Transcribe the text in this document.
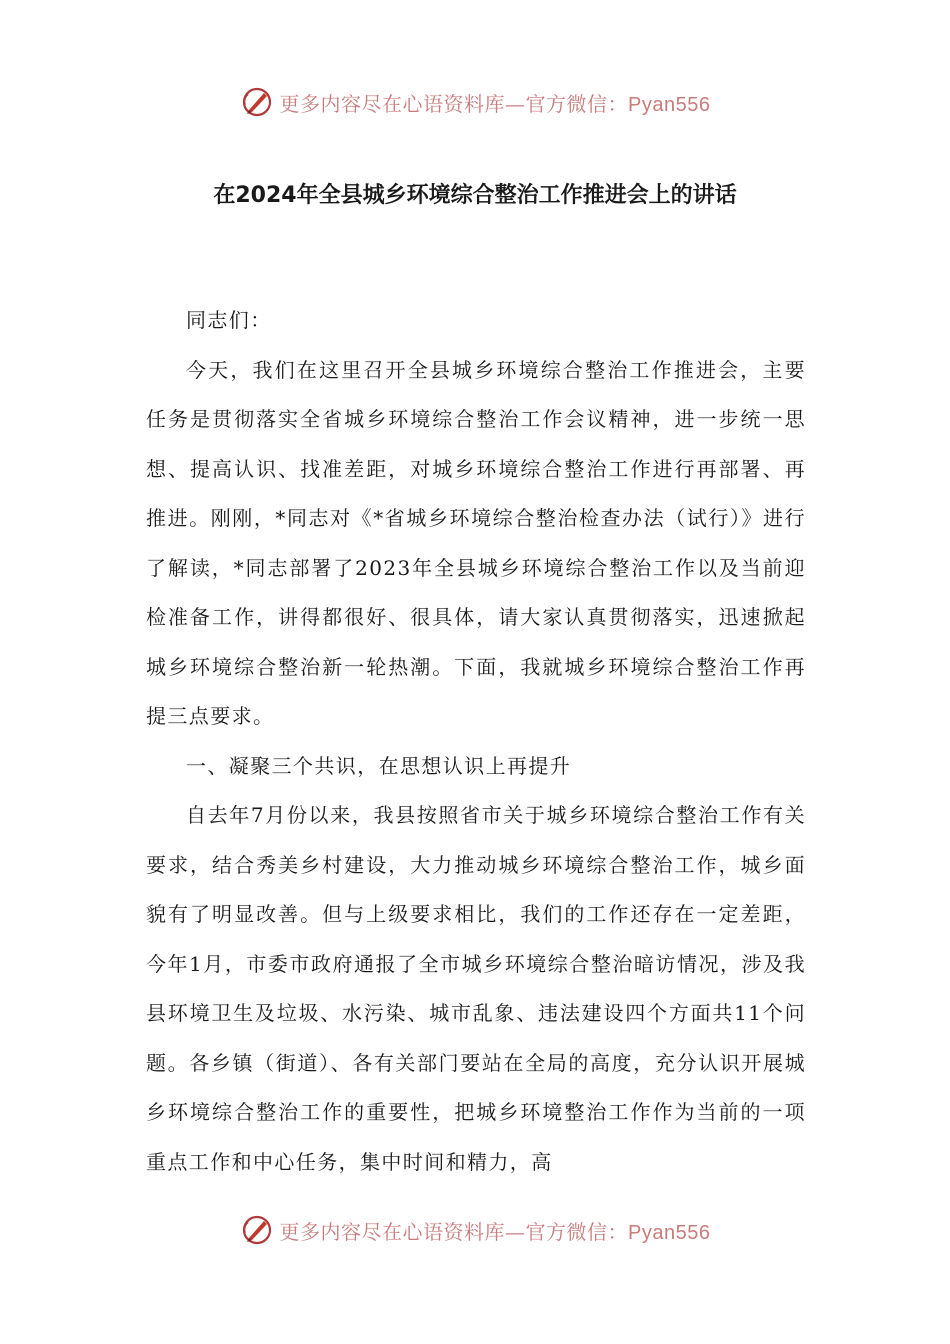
更多内容尽在心语资料库—官方微信：Pyan556
在2024年全县城乡环境综合整治工作推进会上的讲话

同志们：

今天，我们在这里召开全县城乡环境综合整治工作推进会，主要任务是贯彻落实全省城乡环境综合整治工作会议精神，进一步统一思想、提高认识、找准差距，对城乡环境综合整治工作进行再部署、再推进。刚刚，*同志对《*省城乡环境综合整治检查办法（试行）》进行了解读，*同志部署了2023年全县城乡环境综合整治工作以及当前迎检准备工作，讲得都很好、很具体，请大家认真贯彻落实，迅速掀起城乡环境综合整治新一轮热潮。下面，我就城乡环境综合整治工作再提三点要求。

一、凝聚三个共识，在思想认识上再提升

自去年7月份以来，我县按照省市关于城乡环境综合整治工作有关要求，结合秀美乡村建设，大力推动城乡环境综合整治工作，城乡面貌有了明显改善。但与上级要求相比，我们的工作还存在一定差距，今年1月，市委市政府通报了全市城乡环境综合整治暗访情况，涉及我县环境卫生及垃圾、水污染、城市乱象、违法建设四个方面共11个问题。各乡镇（街道）、各有关部门要站在全局的高度，充分认识开展城乡环境综合整治工作的重要性，把城乡环境整治工作作为当前的一项重点工作和中心任务，集中时间和精力，高

更多内容尽在心语资料库—官方微信：Pyan556
